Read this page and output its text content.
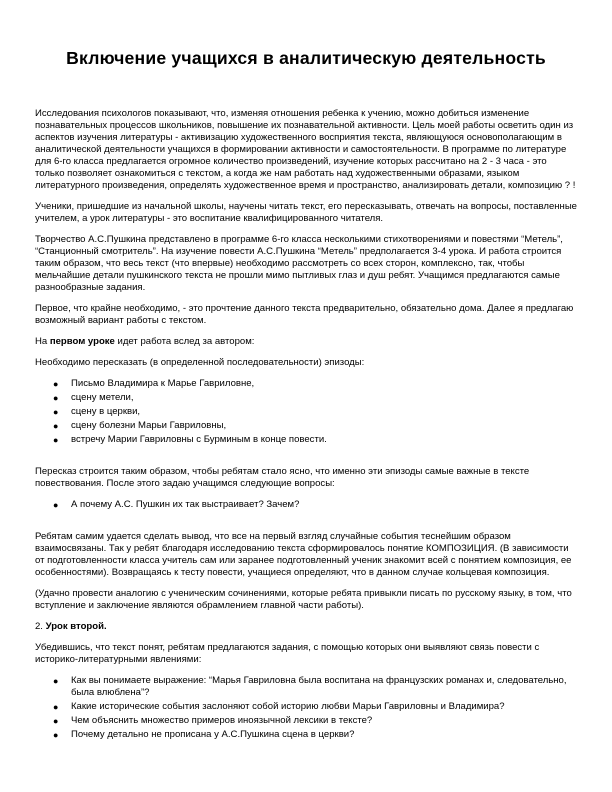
Включение учащихся в аналитическую деятельность

Исследования психологов показывают, что, изменяя отношения ребенка к учению, можно добиться изменение познавательных процессов школьников, повышение их познавательной активности. Цель моей работы осветить один из аспектов изучения литературы - активизацию художественного восприятия текста, являющуюся основополагающим в аналитической деятельности учащихся в формировании активности и самостоятельности. В программе по литературе для 6-го класса предлагается огромное количество произведений, изучение которых рассчитано на 2 - 3 часа - это только позволяет ознакомиться с текстом, а когда же нам работать над художественными образами, языком литературного произведения, определять художественное время и пространство, анализировать детали, композицию ? !

Ученики, пришедшие из начальной школы, научены читать текст, его пересказывать, отвечать на вопросы, поставленные учителем, а урок литературы - это воспитание квалифицированного читателя.

Творчество А.С.Пушкина представлено в программе 6-го класса несколькими стихотворениями и повестями “Метель”, “Станционный смотритель”. На изучение повести А.С.Пушкина “Метель” предполагается 3-4 урока. И работа строится таким образом, что весь текст (что впервые) необходимо рассмотреть со всех сторон, комплексно, так, чтобы мельчайшие детали пушкинского текста не прошли мимо пытливых глаз и душ ребят. Учащимся предлагаются самые разнообразные задания.

Первое, что крайне необходимо, - это прочтение данного текста предварительно, обязательно дома. Далее я предлагаю возможный вариант работы с текстом.

На первом уроке идет работа вслед за автором:

Необходимо пересказать (в определенной последовательности) эпизоды:

● Письмо Владимира к Марье Гавриловне,
● сцену метели,
● сцену в церкви,
● сцену болезни Марьи Гавриловны,
● встречу Марии Гавриловны с Бурминым в конце повести.

Пересказ строится таким образом, чтобы ребятам стало ясно, что именно эти эпизоды самые важные в тексте повествования. После этого задаю учащимся следующие вопросы:

● А почему А.С. Пушкин их так выстраивает? Зачем?

Ребятам самим удается сделать вывод, что все на первый взгляд случайные события теснейшим образом взаимосвязаны. Так у ребят благодаря исследованию текста сформировалось понятие КОМПОЗИЦИЯ. (В зависимости от подготовленности класса учитель сам или заранее подготовленный ученик знакомит всей с понятием композиция, ее особенностями). Возвращаясь к тесту повести, учащиеся определяют, что в данном случае кольцевая композиция.

(Удачно провести аналогию с ученическим сочинениями, которые ребята привыкли писать по русскому языку, в том, что вступление и заключение являются обрамлением главной части работы).

2. Урок второй.

Убедившись, что текст понят, ребятам предлагаются задания, с помощью которых они выявляют связь повести с историко-литературными явлениями:

● Как вы понимаете выражение: “Марья Гавриловна была воспитана на французских романах и, следовательно, была влюблена”?
● Какие исторические события заслоняют собой историю любви Марьи Гавриловны и Владимира?
● Чем объяснить множество примеров иноязычной лексики в тексте?
● Почему детально не прописана у А.С.Пушкина сцена в церкви?
